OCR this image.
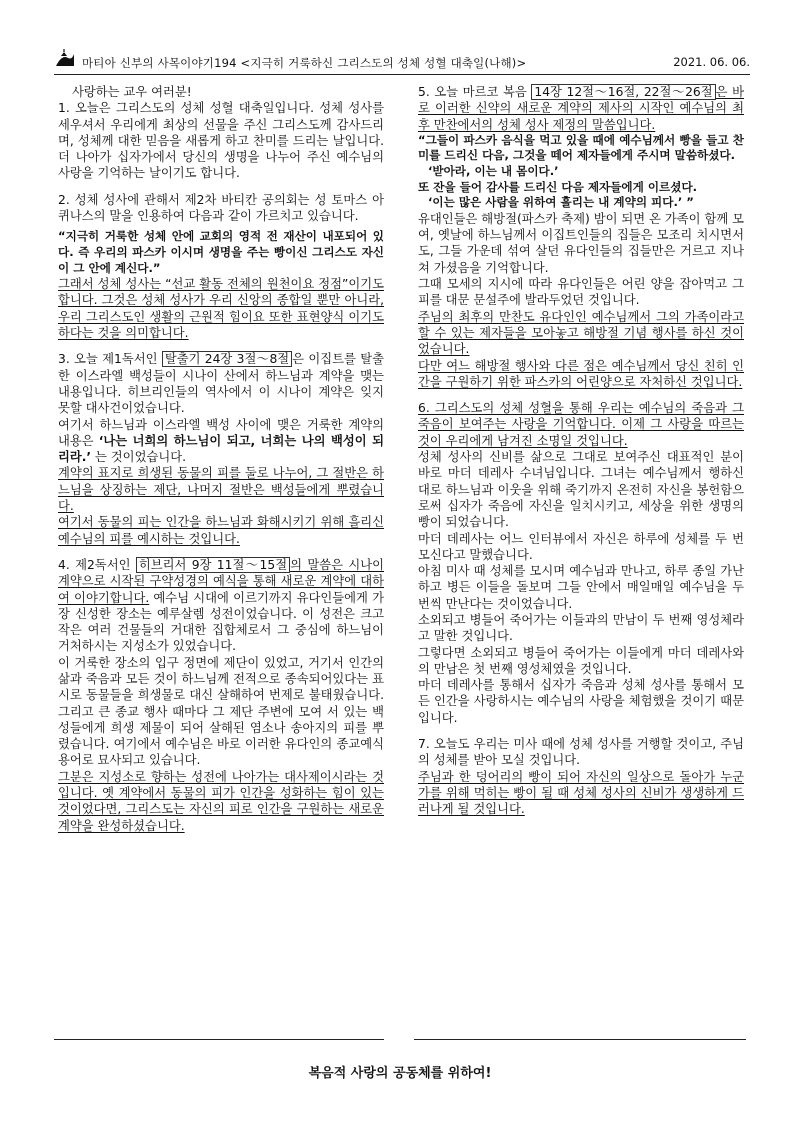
마티아 신부의 사목이야기194 <지극히 거룩하신 그리스도의 성체 성혈 대축일(나해)>	2021. 06. 06.

사랑하는 교우 여러분!

1. 오늘은 그리스도의 성체 성혈 대축일입니다. 성체 성사를 세우셔서 우리에게 최상의 선물을 주신 그리스도께 감사드리며, 성체께 대한 믿음을 새롭게 하고 찬미를 드리는 날입니다. 더 나아가 십자가에서 당신의 생명을 나누어 주신 예수님의 사랑을 기억하는 날이기도 합니다.

2. 성체 성사에 관해서 제2차 바티칸 공의회는 성 토마스 아퀴나스의 말을 인용하여 다음과 같이 가르치고 있습니다.

“지극히 거룩한 성체 안에 교회의 영적 전 재산이 내포되어 있다. 즉 우리의 파스카 이시며 생명을 주는 빵이신 그리스도 자신이 그 안에 계신다.”

그래서 성체 성사는 “선교 활동 전체의 원천이요 정점”이기도 합니다. 그것은 성체 성사가 우리 신앙의 종합일 뿐만 아니라, 우리 그리스도인 생활의 근원적 힘이요 또한 표현양식 이기도 하다는 것을 의미합니다.

3. 오늘 제1독서인 탈출기 24장 3절～8절 은 이집트를 탈출한 이스라엘 백성들이 시나이 산에서 하느님과 계약을 맺는 내용입니다. 히브리인들의 역사에서 이 시나이 계약은 잊지 못할 대사건이었습니다.

여기서 하느님과 이스라엘 백성 사이에 맺은 거룩한 계약의 내용은 ‘나는 너희의 하느님이 되고, 너희는 나의 백성이 되리라.’ 는 것이었습니다.

계약의 표지로 희생된 동물의 피를 둘로 나누어, 그 절반은 하느님을 상징하는 제단, 나머지 절반은 백성들에게 뿌렸습니다.

여기서 동물의 피는 인간을 하느님과 화해시키기 위해 흘리신 예수님의 피를 예시하는 것입니다.

4. 제2독서인 히브리서 9장 11절～15절 의 말씀은 시나이 계약으로 시작된 구약성경의 예식을 통해 새로운 계약에 대하여 이야기합니다. 예수님 시대에 이르기까지 유다인들에게 가장 신성한 장소는 예루살렘 성전이었습니다. 이 성전은 크고 작은 여러 건물들의 거대한 집합체로서 그 중심에 하느님이 거처하시는 지성소가 있었습니다.

이 거룩한 장소의 입구 정면에 제단이 있었고, 거기서 인간의 삶과 죽음과 모든 것이 하느님께 전적으로 종속되어있다는 표시로 동물들을 희생물로 대신 살해하여 번제로 불태웠습니다. 그리고 큰 종교 행사 때마다 그 제단 주변에 모여 서 있는 백성들에게 희생 제물이 되어 살해된 염소나 송아지의 피를 뿌렸습니다. 여기에서 예수님은 바로 이러한 유다인의 종교예식 용어로 묘사되고 있습니다.

그분은 지성소로 향하는 성전에 나아가는 대사제이시라는 것입니다. 옛 계약에서 동물의 피가 인간을 성화하는 힘이 있는 것이었다면, 그리스도는 자신의 피로 인간을 구원하는 새로운 계약을 완성하셨습니다.

5. 오늘 마르코 복음 14장 12절～16절, 22절～26절 은 바로 이러한 신약의 새로운 계약의 제사의 시작인 예수님의 최후 만찬에서의 성체 성사 제정의 말씀입니다.

“그들이 파스카 음식을 먹고 있을 때에 예수님께서 빵을 들고 찬미를 드리신 다음, 그것을 떼어 제자들에게 주시며 말씀하셨다.

‘받아라, 이는 내 몸이다.’

또 잔을 들어 감사를 드리신 다음 제자들에게 이르셨다.

‘이는 많은 사람을 위하여 흘리는 내 계약의 피다.’ ”

유대인들은 해방절(파스카 축제) 밤이 되면 온 가족이 함께 모여, 옛날에 하느님께서 이집트인들의 집들은 모조리 치시면서도, 그들 가운데 섞여 살던 유다인들의 집들만은 거르고 지나쳐 가셨음을 기억합니다.

그때 모세의 지시에 따라 유다인들은 어린 양을 잡아먹고 그 피를 대문 문설주에 발라두었던 것입니다.

주님의 최후의 만찬도 유다인인 예수님께서 그의 가족이라고 할 수 있는 제자들을 모아놓고 해방절 기념 행사를 하신 것이었습니다.

다만 여느 해방절 행사와 다른 점은 예수님께서 당신 친히 인간을 구원하기 위한 파스카의 어린양으로 자처하신 것입니다.

6. 그리스도의 성체 성혈을 통해 우리는 예수님의 죽음과 그 죽음이 보여주는 사랑을 기억합니다. 이제 그 사랑을 따르는 것이 우리에게 남겨진 소명일 것입니다.

성체 성사의 신비를 삶으로 그대로 보여주신 대표적인 분이 바로 마더 데레사 수녀님입니다. 그녀는 예수님께서 행하신 대로 하느님과 이웃을 위해 죽기까지 온전히 자신을 봉헌함으로써 십자가 죽음에 자신을 일치시키고, 세상을 위한 생명의 빵이 되었습니다.

마더 데레사는 어느 인터뷰에서 자신은 하루에 성체를 두 번 모신다고 말했습니다.

아침 미사 때 성체를 모시며 예수님과 만나고, 하루 종일 가난하고 병든 이들을 돌보며 그들 안에서 매일매일 예수님을 두 번씩 만난다는 것이었습니다.

소외되고 병들어 죽어가는 이들과의 만남이 두 번째 영성체라고 말한 것입니다.

그렇다면 소외되고 병들어 죽어가는 이들에게 마더 데레사와의 만남은 첫 번째 영성체였을 것입니다.

마더 데레사를 통해서 십자가 죽음과 성체 성사를 통해서 모든 인간을 사랑하시는 예수님의 사랑을 체험했을 것이기 때문입니다.

7. 오늘도 우리는 미사 때에 성체 성사를 거행할 것이고, 주님의 성체를 받아 모실 것입니다.

주님과 한 덩어리의 빵이 되어 자신의 일상으로 돌아가 누군가를 위해 먹히는 빵이 될 때 성체 성사의 신비가 생생하게 드러나게 될 것입니다.

복음적 사랑의 공동체를 위하여!
